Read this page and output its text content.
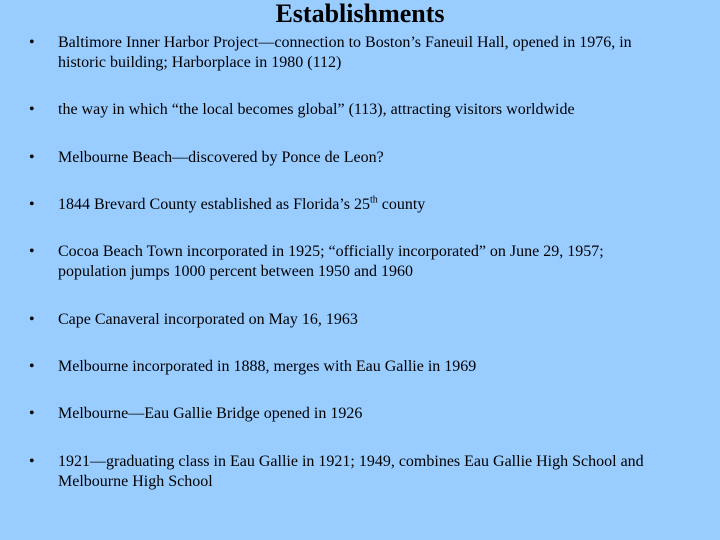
Establishments
• Baltimore Inner Harbor Project—connection to Boston’s Faneuil Hall, opened in 1976, in historic building; Harborplace in 1980 (112)
• the way in which “the local becomes global” (113), attracting visitors worldwide
• Melbourne Beach—discovered by Ponce de Leon?
• 1844 Brevard County established as Florida’s 25th county
• Cocoa Beach Town incorporated in 1925; “officially incorporated” on June 29, 1957; population jumps 1000 percent between 1950 and 1960
• Cape Canaveral incorporated on May 16, 1963
• Melbourne incorporated in 1888, merges with Eau Gallie in 1969
• Melbourne—Eau Gallie Bridge opened in 1926
• 1921—graduating class in Eau Gallie in 1921; 1949, combines Eau Gallie High School and Melbourne High School
